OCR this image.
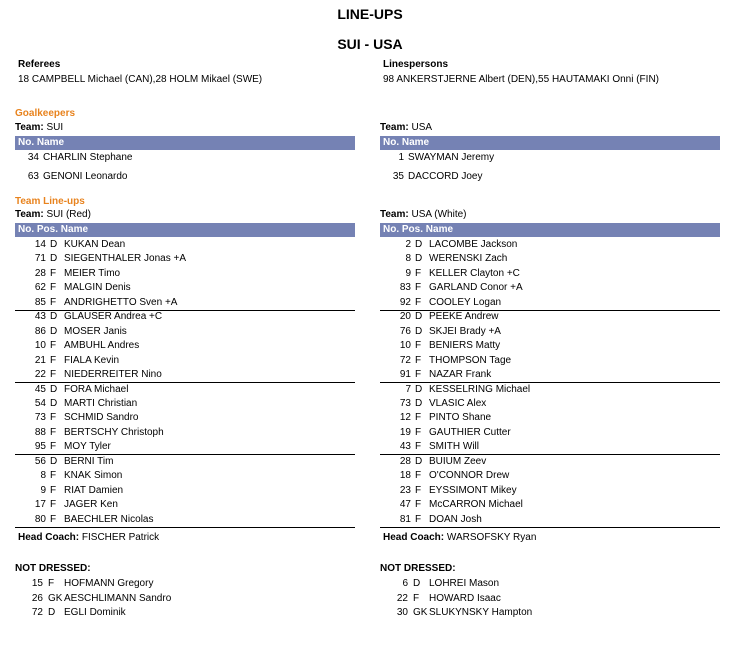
LINE-UPS
SUI - USA
Referees
18 CAMPBELL Michael (CAN),28 HOLM Mikael (SWE)
Linespersons
98 ANKERSTJERNE Albert (DEN),55 HAUTAMAKI Onni (FIN)
Goalkeepers
Team: SUI
No. Name
34 CHARLIN Stephane
63 GENONI Leonardo
Team: SUI (Red)
No. Pos. Name
14 D KUKAN Dean
71 D SIEGENTHALER Jonas +A
28 F MEIER Timo
62 F MALGIN Denis
85 F ANDRIGHETTO Sven +A
43 D GLAUSER Andrea +C
86 D MOSER Janis
10 F AMBUHL Andres
21 F FIALA Kevin
22 F NIEDERREITER Nino
45 D FORA Michael
54 D MARTI Christian
73 F SCHMID Sandro
88 F BERTSCHY Christoph
95 F MOY Tyler
56 D BERNI Tim
8 F KNAK Simon
9 F RIAT Damien
17 F JAGER Ken
80 F BAECHLER Nicolas
Head Coach: FISCHER Patrick
NOT DRESSED:
15 F HOFMANN Gregory
26 GK AESCHLIMANN Sandro
72 D EGLI Dominik
Team: USA
No. Name
1 SWAYMAN Jeremy
35 DACCORD Joey
Team: USA (White)
No. Pos. Name
2 D LACOMBE Jackson
8 D WERENSKI Zach
9 F KELLER Clayton +C
83 F GARLAND Conor +A
92 F COOLEY Logan
20 D PEEKE Andrew
76 D SKJEI Brady +A
10 F BENIERS Matty
72 F THOMPSON Tage
91 F NAZAR Frank
7 D KESSELRING Michael
73 D VLASIC Alex
12 F PINTO Shane
19 F GAUTHIER Cutter
43 F SMITH Will
28 D BUIUM Zeev
18 F O'CONNOR Drew
23 F EYSSIMONT Mikey
47 F McCARRON Michael
81 F DOAN Josh
Head Coach: WARSOFSKY Ryan
NOT DRESSED:
6 D LOHREI Mason
22 F HOWARD Isaac
30 GK SLUKYNSKY Hampton
Team Line-ups
